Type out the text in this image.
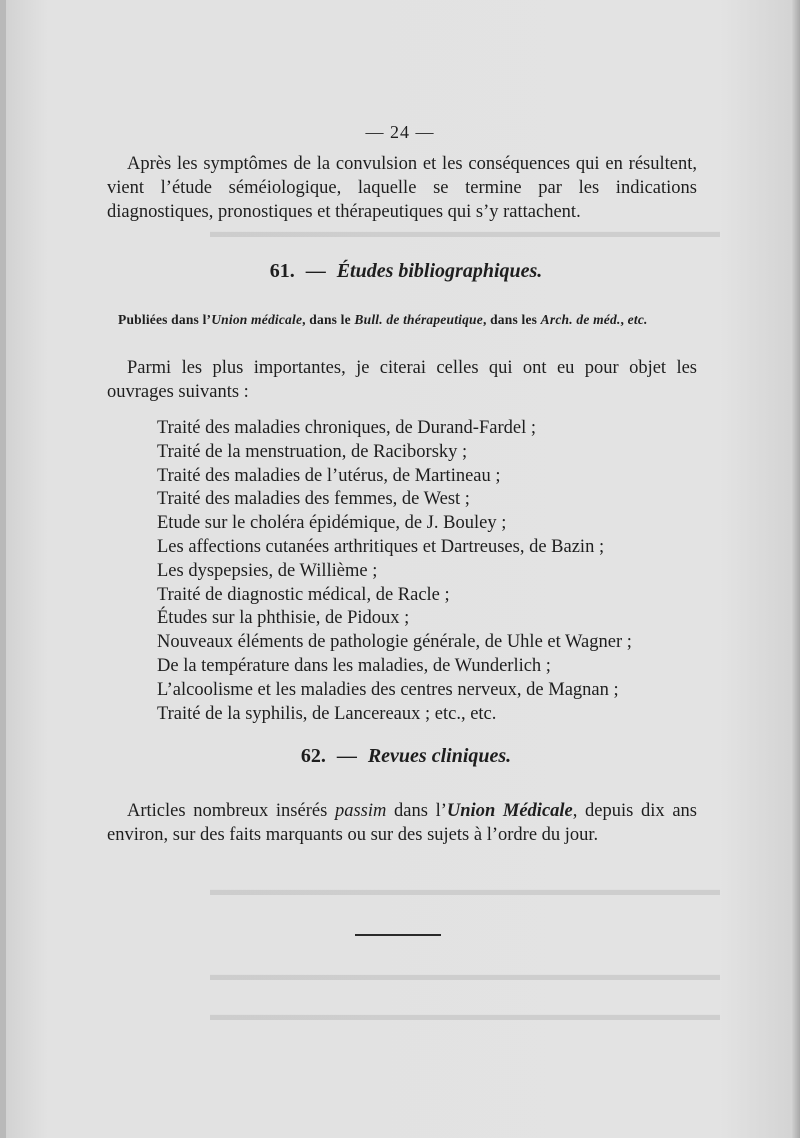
▬▬▬▬▬▬▬▬▬▬▬▬▬▬▬▬▬▬▬▬▬▬▬▬▬▬▬▬▬▬
▬▬▬▬▬▬▬▬▬▬▬▬▬▬▬▬▬▬▬▬▬▬▬▬▬▬▬▬▬▬
▬▬▬▬▬▬▬▬▬▬▬▬▬▬▬▬▬▬▬▬▬▬▬▬▬▬▬▬▬▬
▬▬▬▬▬▬▬▬▬▬▬▬▬▬▬▬▬▬▬▬▬▬▬▬▬▬▬▬▬▬
— 24 —

Après les symptômes de la convulsion et les conséquences qui en résultent, vient l’étude séméiologique, laquelle se termine par les indications diagnostiques, pronostiques et thérapeutiques qui s’y rattachent.

61. — Études bibliographiques.
Publiées dans l’Union médicale, dans le Bull. de thérapeutique, dans les Arch. de méd., etc.

Parmi les plus importantes, je citerai celles qui ont eu pour objet les ouvrages suivants :

Traité des maladies chroniques, de Durand-Fardel ;
Traité de la menstruation, de Raciborsky ;
Traité des maladies de l’utérus, de Martineau ;
Traité des maladies des femmes, de West ;
Etude sur le choléra épidémique, de J. Bouley ;
Les affections cutanées arthritiques et Dartreuses, de Bazin ;
Les dyspepsies, de Willième ;
Traité de diagnostic médical, de Racle ;
Études sur la phthisie, de Pidoux ;
Nouveaux éléments de pathologie générale, de Uhle et Wagner ;
De la température dans les maladies, de Wunderlich ;
L’alcoolisme et les maladies des centres nerveux, de Magnan ;
Traité de la syphilis, de Lancereaux ; etc., etc.
62. — Revues cliniques.

Articles nombreux insérés passim dans l’Union Médicale, depuis dix ans environ, sur des faits marquants ou sur des sujets à l’ordre du jour.
